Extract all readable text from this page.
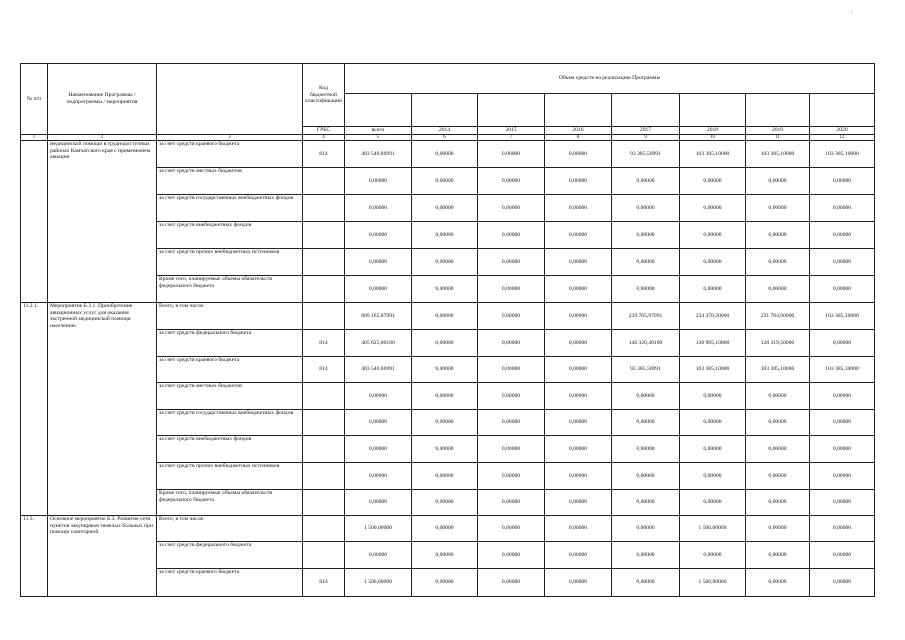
'
№ п/п	Наименование Программы / подпрограммы / мероприятия		Код бюджетной классификации	Объем средств на реализацию Программы							

			ГРБС	всего	2014	2015	2016	2017	2018	2019	2020
1	2	3	4	5	6	7	8	9	10	11	12
	медицинской помощи в труднодоступных районах Камчатского края с применением авиации	за счет средств краевого бюджета	814	403 540,86991	0,00000	0,00000	0,00000	93 385,56991	103 385,10000	103 385,10000	103 385,10000
		за счет средств местных бюджетов		0,00000	0,00000	0,00000	0,00000	0,00000	0,00000	0,00000	0,00000
		за счет средств государственных внебюджетных фондов		0,00000	0,00000	0,00000	0,00000	0,00000	0,00000	0,00000	0,00000
		за счет средств внебюджетных фондов		0,00000	0,00000	0,00000	0,00000	0,00000	0,00000	0,00000	0,00000
		за счет средств прочих внебюджетных источников		0,00000	0,00000	0,00000	0,00000	0,00000	0,00000	0,00000	0,00000
		Кроме того, планируемые объемы обязательств федерального бюджета		0,00000	0,00000	0,00000	0,00000	0,00000	0,00000	0,00000	0,00000
11.2.1.	Мероприятие Б.3.1. Приобретение авиационных услуг для оказания экстренной медицинской помощи населению	Всего, в том числе:		809 165,87091	0,00000	0,00000	0,00000	239 705,97091	234 370,20000	231 704,60000	103 385,10000
		за счет средств федерального бюджета	814	405 625,00100	0,00000	0,00000	0,00000	146 320,40100	130 985,10000	128 319,50000	0,00000
		за счет средств краевого бюджета	814	403 540,86991	0,00000	0,00000	0,00000	93 385,56991	103 385,10000	103 385,10000	103 385,10000
		за счет средств местных бюджетов		0,00000	0,00000	0,00000	0,00000	0,00000	0,00000	0,00000	0,00000
		за счет средств государственных внебюджетных фондов		0,00000	0,00000	0,00000	0,00000	0,00000	0,00000	0,00000	0,00000
		за счет средств внебюджетных фондов		0,00000	0,00000	0,00000	0,00000	0,00000	0,00000	0,00000	0,00000
		за счет средств прочих внебюджетных источников		0,00000	0,00000	0,00000	0,00000	0,00000	0,00000	0,00000	0,00000
		Кроме того, планируемые объемы обязательств федерального бюджета		0,00000	0,00000	0,00000	0,00000	0,00000	0,00000	0,00000	0,00000
11.3.	Основное мероприятие Б.3. Развитие сети пунктов закупщиков тяжелых больных при помощи санитарной	Всего, в том числе:		1 500,00000	0,00000	0,00000	0,00000	0,00000	1 500,00000	0,00000	0,00000
		за счет средств федерального бюджета		0,00000	0,00000	0,00000	0,00000	0,00000	0,00000	0,00000	0,00000
		за счет средств краевого бюджета	814	1 500,00000	0,00000	0,00000	0,00000	0,00000	1 500,00000	0,00000	0,00000
